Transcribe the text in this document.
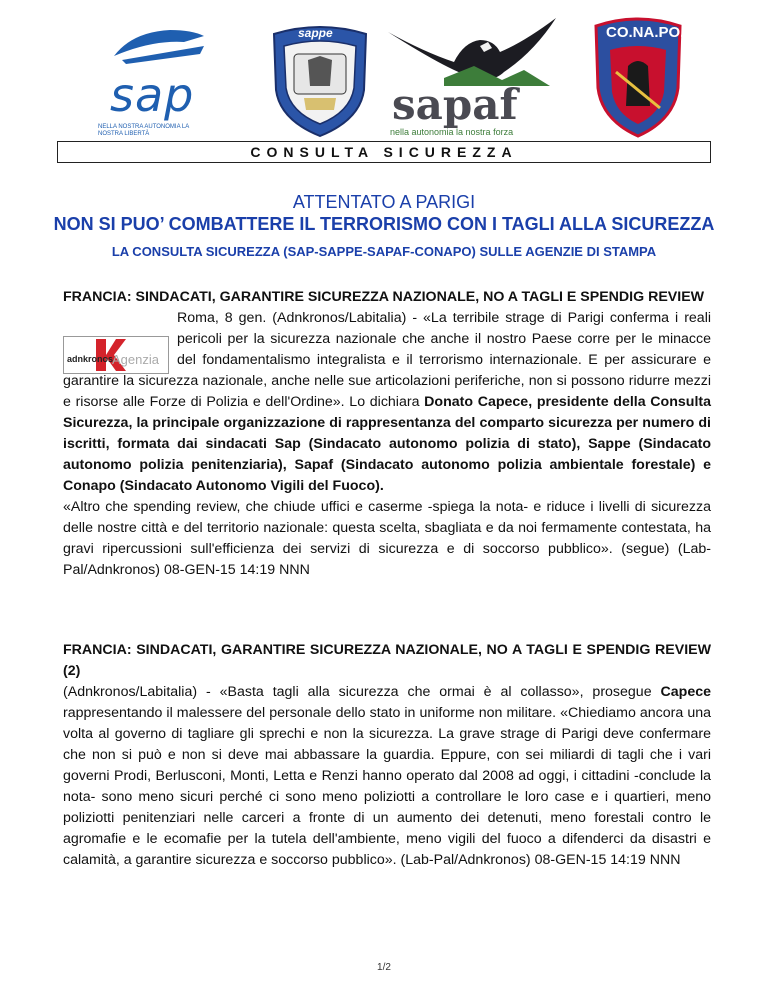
sap
NELLA NOSTRA AUTONOMIA LA NOSTRA LIBERTÀ
sappe
sapaf
nella autonomia la nostra forza
CO.NA.PO.
CONSULTA SICUREZZA
ATTENTATO A PARIGI
NON SI PUO’ COMBATTERE IL TERRORISMO CON I TAGLI ALLA SICUREZZA
LA CONSULTA SICUREZZA (SAP-SAPPE-SAPAF-CONAPO) SULLE AGENZIE DI STAMPA
adnkronos
Agenzia
FRANCIA: SINDACATI, GARANTIRE SICUREZZA NAZIONALE, NO A TAGLI E SPENDIG REVIEW
Roma, 8 gen. (Adnkronos/Labitalia) - «La terribile strage di Parigi conferma i reali pericoli per la sicurezza nazionale che anche il nostro Paese corre per le minacce del fondamentalismo integralista e il terrorismo internazionale. E per assicurare e garantire la sicurezza nazionale, anche nelle sue articolazioni periferiche, non si possono ridurre mezzi e risorse alle Forze di Polizia e dell'Ordine». Lo dichiara Donato Capece, presidente della Consulta Sicurezza, la principale organizzazione di rappresentanza del comparto sicurezza per numero di iscritti, formata dai sindacati Sap (Sindacato autonomo polizia di stato), Sappe (Sindacato autonomo polizia penitenziaria), Sapaf (Sindacato autonomo polizia ambientale forestale) e Conapo (Sindacato Autonomo Vigili del Fuoco).
«Altro che spending review, che chiude uffici e caserme -spiega la nota- e riduce i livelli di sicurezza delle nostre città e del territorio nazionale: questa scelta, sbagliata e da noi fermamente contestata, ha gravi ripercussioni sull'efficienza dei servizi di sicurezza e di soccorso pubblico». (segue) (Lab-Pal/Adnkronos) 08-GEN-15 14:19 NNN
FRANCIA: SINDACATI, GARANTIRE SICUREZZA NAZIONALE, NO A TAGLI E SPENDIG REVIEW (2)
(Adnkronos/Labitalia) - «Basta tagli alla sicurezza che ormai è al collasso», prosegue Capece rappresentando il malessere del personale dello stato in uniforme non militare. «Chiediamo ancora una volta al governo di tagliare gli sprechi e non la sicurezza. La grave strage di Parigi deve confermare che non si può e non si deve mai abbassare la guardia. Eppure, con sei miliardi di tagli che i vari governi Prodi, Berlusconi, Monti, Letta e Renzi hanno operato dal 2008 ad oggi, i cittadini -conclude la nota- sono meno sicuri perché ci sono meno poliziotti a controllare le loro case e i quartieri, meno poliziotti penitenziari nelle carceri a fronte di un aumento dei detenuti, meno forestali contro le agromafie e le ecomafie per la tutela dell'ambiente, meno vigili del fuoco a difenderci da disastri e calamità, a garantire sicurezza e soccorso pubblico». (Lab-Pal/Adnkronos) 08-GEN-15 14:19 NNN
1/2
